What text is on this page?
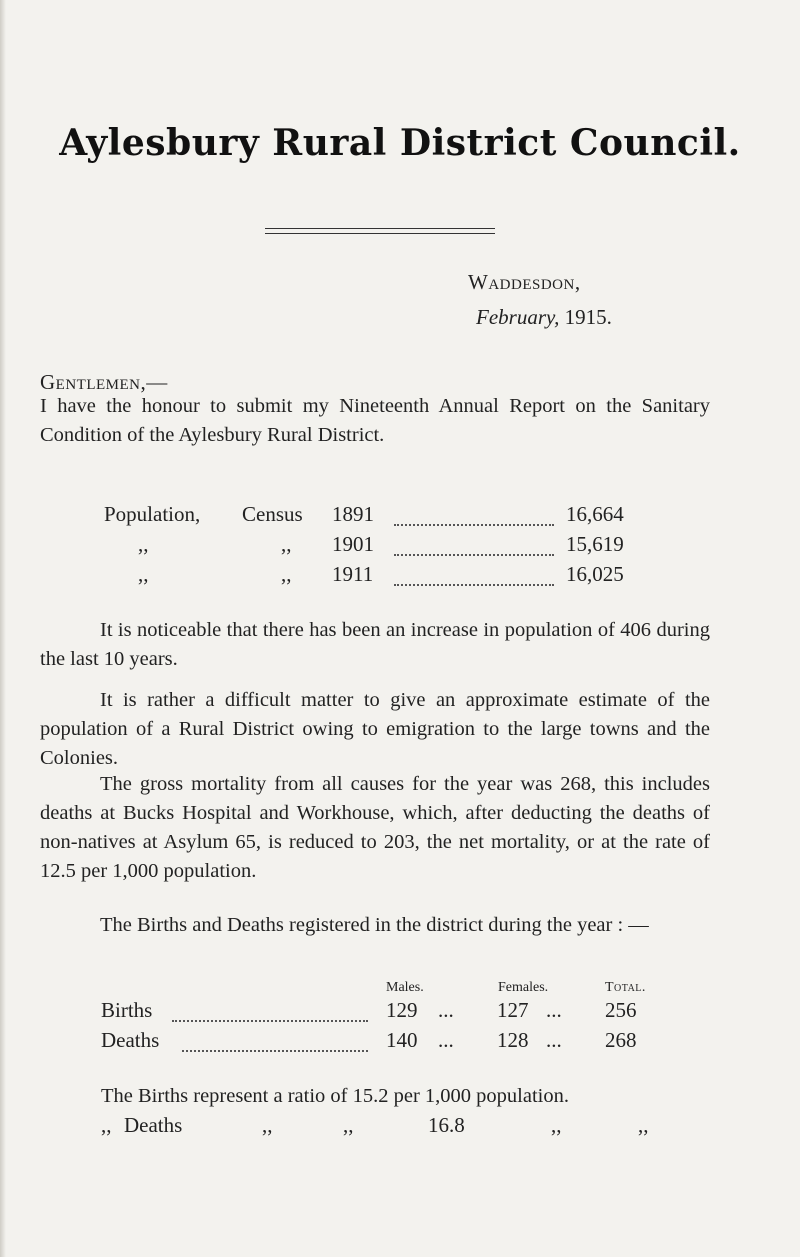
Aylesbury Rural District Council.
Waddesdon,
February, 1915.
Gentlemen,—
I have the honour to submit my Nineteenth Annual Report on the Sanitary Condition of the Aylesbury Rural District.
Population, Census 1891	16,664
,,	,, 1901	15,619
,,	,, 1911	16,025
It is noticeable that there has been an increase in population of 406 during the last 10 years.
It is rather a difficult matter to give an approximate estimate of the population of a Rural District owing to emigration to the large towns and the Colonies.
The gross mortality from all causes for the year was 268, this includes deaths at Bucks Hospital and Workhouse, which, after deducting the deaths of non-natives at Asylum 65, is reduced to 203, the net mortality, or at the rate of 12.5 per 1,000 population.
The Births and Deaths registered in the district during the year : —
Males.	Females.	Total.
Births	129 ... 127 ... 256
Deaths	140 ... 128 ... 268
The Births represent a ratio of 15.2 per 1,000 population.
,, Deaths	,,	,,	16.8	,,	,,
